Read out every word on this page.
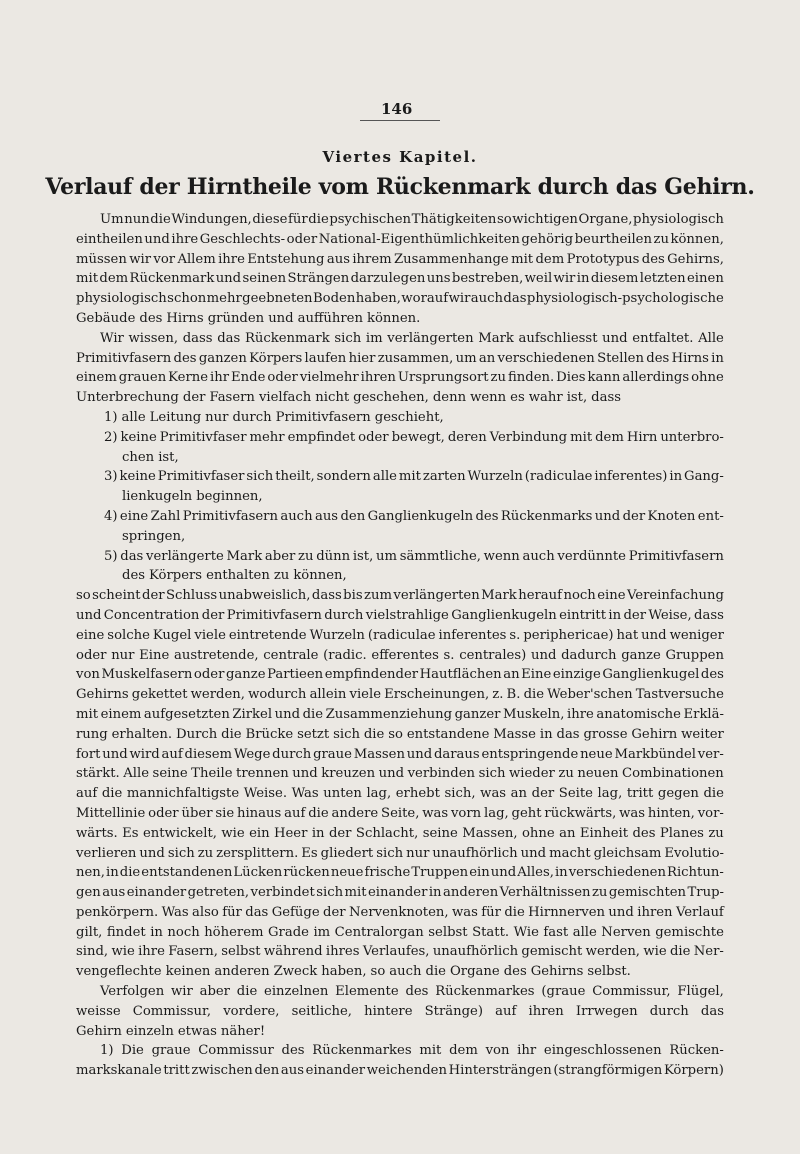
146
Viertes Kapitel.
Verlauf der Hirntheile vom Rückenmark durch das Gehirn.
Um nun die Windungen, diese für die psychischen Thätigkeiten so wichtigen Organe, physiologisch
eintheilen und ihre Geschlechts- oder National-Eigenthümlichkeiten gehörig beurtheilen zu können,
müssen wir vor Allem ihre Entstehung aus ihrem Zusammenhange mit dem Prototypus des Gehirns,
mit dem Rückenmark und seinen Strängen darzulegen uns bestreben, weil wir in diesem letzten einen
physiologisch schon mehr geebneten Boden haben, worauf wir auch das physiologisch-psychologische
Gebäude des Hirns gründen und aufführen können.
Wir wissen, dass das Rückenmark sich im verlängerten Mark aufschliesst und entfaltet. Alle
Primitivfasern des ganzen Körpers laufen hier zusammen, um an verschiedenen Stellen des Hirns in
einem grauen Kerne ihr Ende oder vielmehr ihren Ursprungsort zu finden. Dies kann allerdings ohne
Unterbrechung der Fasern vielfach nicht geschehen, denn wenn es wahr ist, dass
1) alle Leitung nur durch Primitivfasern geschieht,
2) keine Primitivfaser mehr empfindet oder bewegt, deren Verbindung mit dem Hirn unterbro-
chen ist,
3) keine Primitivfaser sich theilt, sondern alle mit zarten Wurzeln (radiculae inferentes) in Gang-
lienkugeln beginnen,
4) eine Zahl Primitivfasern auch aus den Ganglienkugeln des Rückenmarks und der Knoten ent-
springen,
5) das verlängerte Mark aber zu dünn ist, um sämmtliche, wenn auch verdünnte Primitivfasern
des Körpers enthalten zu können,
so scheint der Schluss unabweislich, dass bis zum verlängerten Mark herauf noch eine Vereinfachung
und Concentration der Primitivfasern durch vielstrahlige Ganglienkugeln eintritt in der Weise, dass
eine solche Kugel viele eintretende Wurzeln (radiculae inferentes s. periphericae) hat und weniger
oder nur Eine austretende, centrale (radic. efferentes s. centrales) und dadurch ganze Gruppen
von Muskelfasern oder ganze Partieen empfindender Hautflächen an Eine einzige Ganglienkugel des
Gehirns gekettet werden, wodurch allein viele Erscheinungen, z. B. die Weber'schen Tastversuche
mit einem aufgesetzten Zirkel und die Zusammenziehung ganzer Muskeln, ihre anatomische Erklä-
rung erhalten. Durch die Brücke setzt sich die so entstandene Masse in das grosse Gehirn weiter
fort und wird auf diesem Wege durch graue Massen und daraus entspringende neue Markbündel ver-
stärkt. Alle seine Theile trennen und kreuzen und verbinden sich wieder zu neuen Combinationen
auf die mannichfaltigste Weise. Was unten lag, erhebt sich, was an der Seite lag, tritt gegen die
Mittellinie oder über sie hinaus auf die andere Seite, was vorn lag, geht rückwärts, was hinten, vor-
wärts. Es entwickelt, wie ein Heer in der Schlacht, seine Massen, ohne an Einheit des Planes zu
verlieren und sich zu zersplittern. Es gliedert sich nur unaufhörlich und macht gleichsam Evolutio-
nen, in die entstandenen Lücken rücken neue frische Truppen ein und Alles, in verschiedenen Richtun-
gen aus einander getreten, verbindet sich mit einander in anderen Verhältnissen zu gemischten Trup-
penkörpern. Was also für das Gefüge der Nervenknoten, was für die Hirnnerven und ihren Verlauf
gilt, findet in noch höherem Grade im Centralorgan selbst Statt. Wie fast alle Nerven gemischte
sind, wie ihre Fasern, selbst während ihres Verlaufes, unaufhörlich gemischt werden, wie die Ner-
vengeflechte keinen anderen Zweck haben, so auch die Organe des Gehirns selbst.
Verfolgen wir aber die einzelnen Elemente des Rückenmarkes (graue Commissur, Flügel,
weisse Commissur, vordere, seitliche, hintere Stränge) auf ihren Irrwegen durch das
Gehirn einzeln etwas näher!
1) Die graue Commissur des Rückenmarkes mit dem von ihr eingeschlossenen Rücken-
markskanale tritt zwischen den aus einander weichenden Hintersträngen (strangförmigen Körpern)
